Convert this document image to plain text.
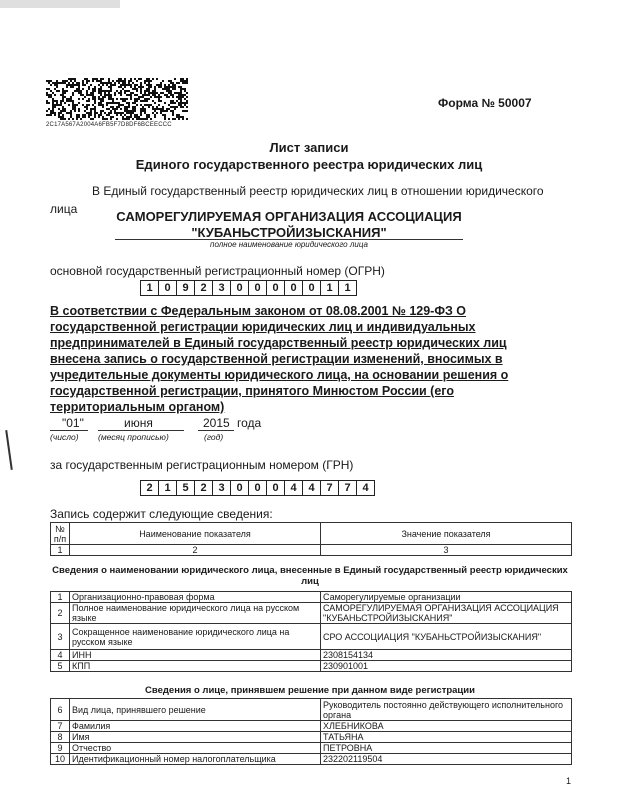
2C17A567A2004A6FB5F7D8DF6BCEECCC
Форма № 50007
Лист записи
Единого государственного реестра юридических лиц
В Единый государственный реестр юридических лиц в отношении юридического
лица	САМОРЕГУЛИРУЕМАЯ ОРГАНИЗАЦИЯ АССОЦИАЦИЯ
"КУБАНЬСТРОЙИЗЫСКАНИЯ"
полное наименование юридического лица
основной государственный регистрационный номер (ОГРН)
1	0	9	2	3	0	0	0	0	0	1	1
В соответствии с Федеральным законом от 08.08.2001 № 129-ФЗ О государственной регистрации юридических лиц и индивидуальных предпринимателей в Единый государственный реестр юридических лиц внесена запись о государственной регистрации изменений, вносимых в учредительные документы юридического лица, на основании решения о государственной регистрации, принятого Минюстом России (его территориальным органом)
"01"
(число)
июня
(месяц прописью)
2015
(год)
года
за государственным регистрационным номером (ГРН)
2	1	5	2	3	0	0	0	4	4	7	7	4
Запись содержит следующие сведения:
№ п/п	Наименование показателя	Значение показателя
1	2	3
Сведения о наименовании юридического лица, внесенные в Единый государственный реестр юридических лиц
1	Организационно-правовая форма	Саморегулируемые организации
2	Полное наименование юридического лица на русском языке	САМОРЕГУЛИРУЕМАЯ ОРГАНИЗАЦИЯ АССОЦИАЦИЯ "КУБАНЬСТРОЙИЗЫСКАНИЯ"
3	Сокращенное наименование юридического лица на русском языке	СРО АССОЦИАЦИЯ "КУБАНЬСТРОЙИЗЫСКАНИЯ"
4	ИНН	2308154134
5	КПП	230901001
Сведения о лице, принявшем решение при данном виде регистрации
6	Вид лица, принявшего решение	Руководитель постоянно действующего исполнительного органа
7	Фамилия	ХЛЕБНИКОВА
8	Имя	ТАТЬЯНА
9	Отчество	ПЕТРОВНА
10	Идентификационный номер налогоплательщика	232202119504
1
